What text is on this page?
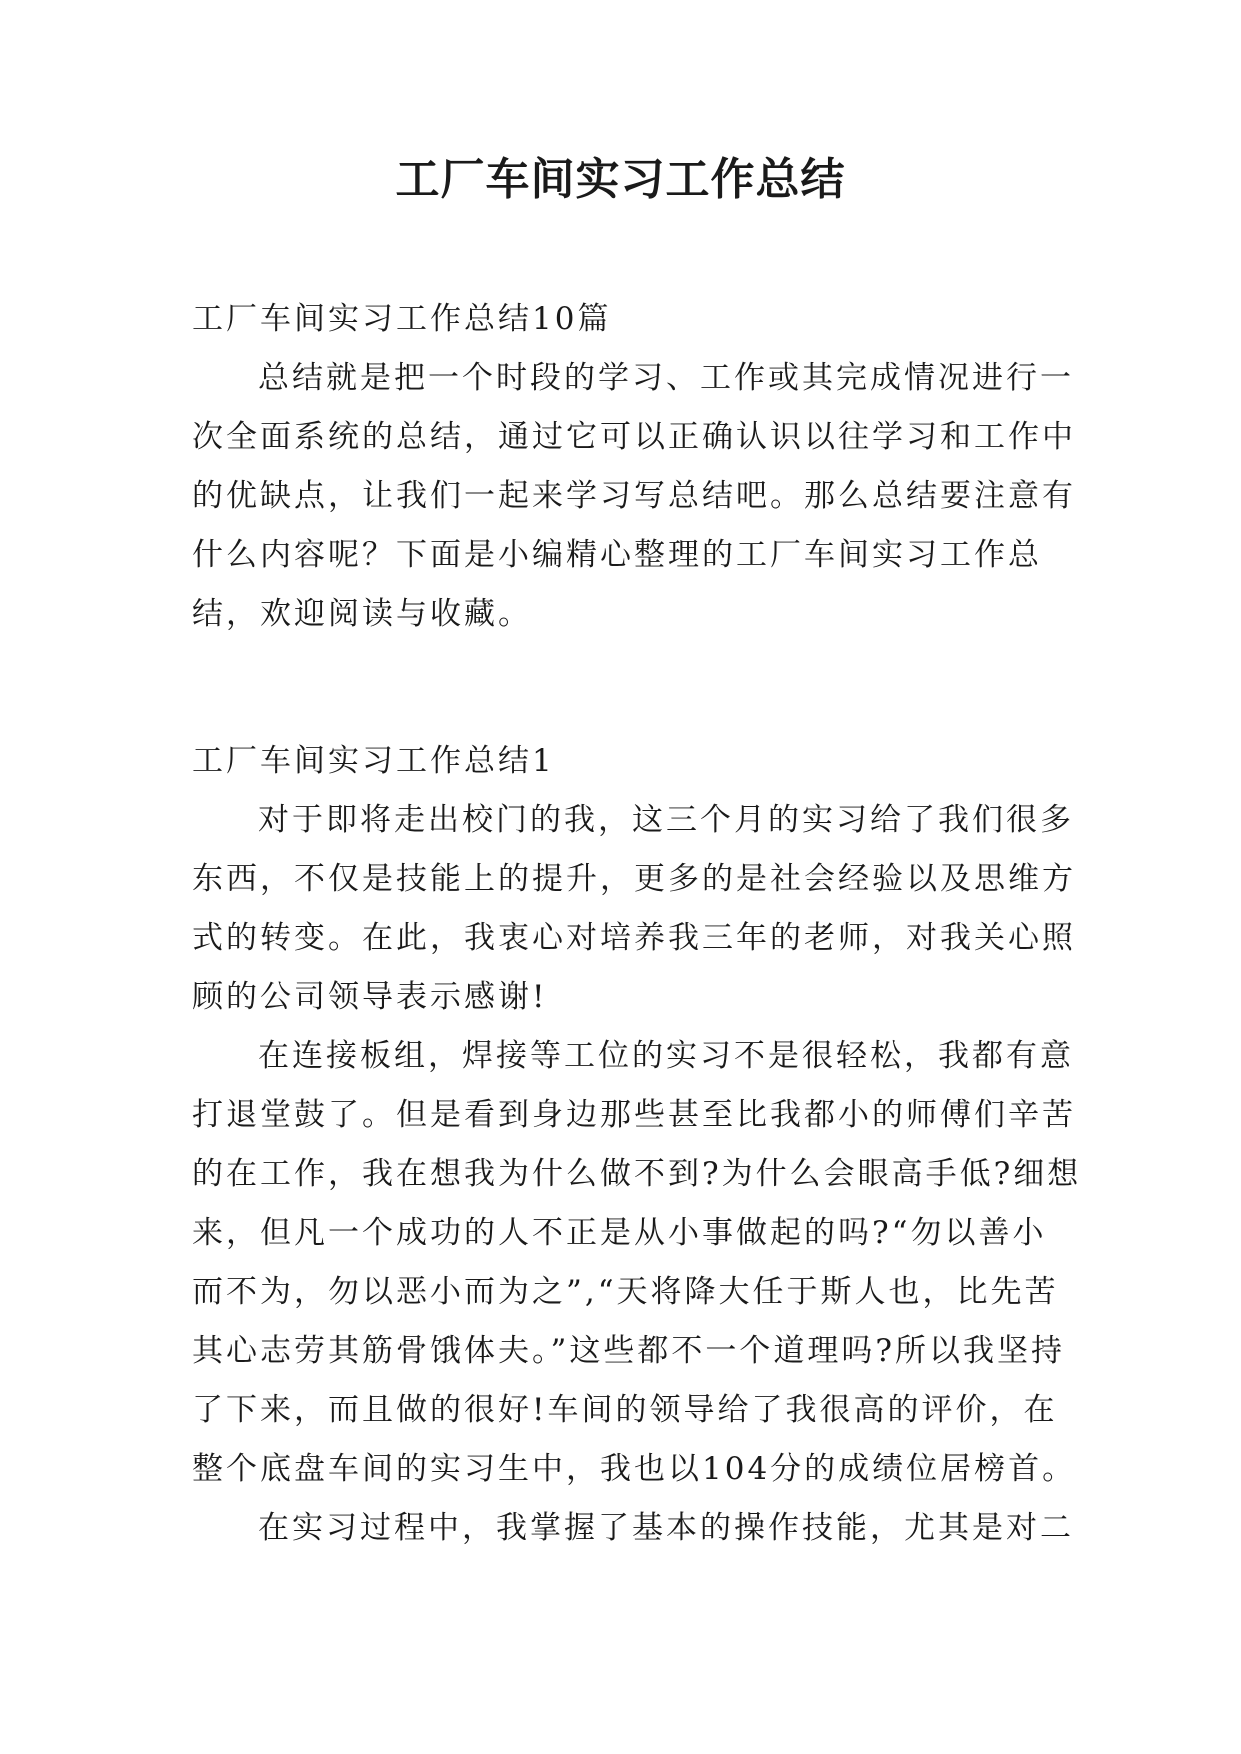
工厂车间实习工作总结
工厂车间实习工作总结10篇
总结就是把一个时段的学习、工作或其完成情况进行一
次全面系统的总结，通过它可以正确认识以往学习和工作中
的优缺点，让我们一起来学习写总结吧。那么总结要注意有
什么内容呢？下面是小编精心整理的工厂车间实习工作总
结，欢迎阅读与收藏。
工厂车间实习工作总结1
对于即将走出校门的我，这三个月的实习给了我们很多
东西，不仅是技能上的提升，更多的是社会经验以及思维方
式的转变。在此，我衷心对培养我三年的老师，对我关心照
顾的公司领导表示感谢!
在连接板组，焊接等工位的实习不是很轻松，我都有意
打退堂鼓了。但是看到身边那些甚至比我都小的师傅们辛苦
的在工作，我在想我为什么做不到?为什么会眼高手低?细想
来，但凡一个成功的人不正是从小事做起的吗?“勿以善小
而不为，勿以恶小而为之”,“天将降大任于斯人也，比先苦
其心志劳其筋骨饿体夫。”这些都不一个道理吗?所以我坚持
了下来，而且做的很好!车间的领导给了我很高的评价，在
整个底盘车间的实习生中，我也以104分的成绩位居榜首。
在实习过程中，我掌握了基本的操作技能，尤其是对二
